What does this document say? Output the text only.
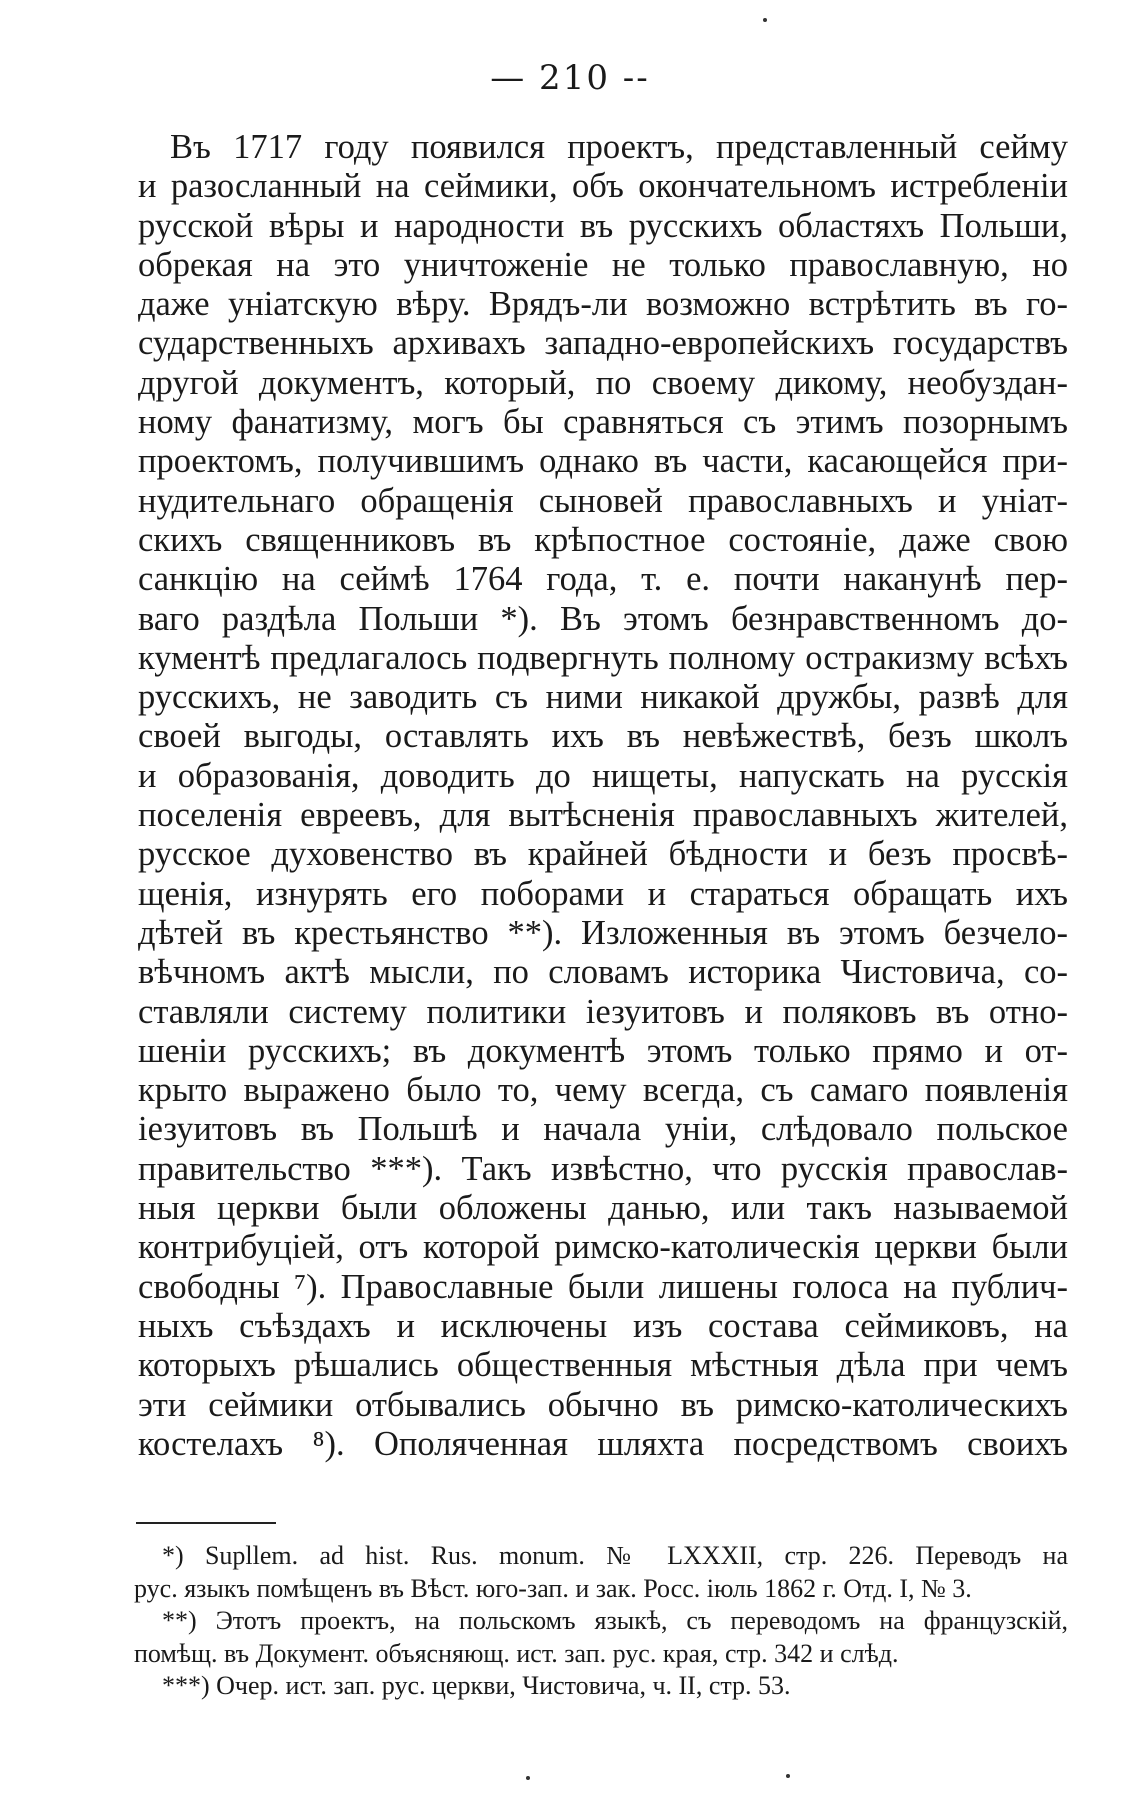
— 210 --

Въ 1717 году появился проектъ, представленный сейму
и разосланный на сеймики, объ окончательномъ истребленіи
русской вѣры и народности въ русскихъ областяхъ Польши,
обрекая на это уничтоженіе не только православную, но
даже уніатскую вѣру. Врядъ-ли возможно встрѣтить въ го-
сударственныхъ архивахъ западно-европейскихъ государствъ
другой документъ, который, по своему дикому, необуздан-
ному фанатизму, могъ бы сравняться съ этимъ позорнымъ
проектомъ, получившимъ однако въ части, касающейся при-
нудительнаго обращенія сыновей православныхъ и уніат-
скихъ священниковъ въ крѣпостное состояніе, даже свою
санкцію на сеймѣ 1764 года, т. е. почти наканунѣ пер-
ваго раздѣла Польши *). Въ этомъ безнравственномъ до-
кументѣ предлагалось подвергнуть полному остракизму всѣхъ
русскихъ, не заводить съ ними никакой дружбы, развѣ для
своей выгоды, оставлять ихъ въ невѣжествѣ, безъ школъ
и образованія, доводить до нищеты, напускать на русскія
поселенія евреевъ, для вытѣсненія православныхъ жителей,
русское духовенство въ крайней бѣдности и безъ просвѣ-
щенія, изнурять его поборами и стараться обращать ихъ
дѣтей въ крестьянство **). Изложенныя въ этомъ безчело-
вѣчномъ актѣ мысли, по словамъ историка Чистовича, со-
ставляли систему политики іезуитовъ и поляковъ въ отно-
шеніи русскихъ; въ документѣ этомъ только прямо и от-
крыто выражено было то, чему всегда, съ самаго появленія
іезуитовъ въ Польшѣ и начала уніи, слѣдовало польское
правительство ***). Такъ извѣстно, что русскія православ-
ныя церкви были обложены данью, или такъ называемой
контрибуціей, отъ которой римско-католическія церкви были
свободны ⁷). Православные были лишены голоса на публич-
ныхъ съѣздахъ и исключены изъ состава сеймиковъ, на
которыхъ рѣшались общественныя мѣстныя дѣла при чемъ
эти сеймики отбывались обычно въ римско-католическихъ
костелахъ ⁸). Ополяченная шляхта посредствомъ своихъ
*) Supllem. ad hist. Rus. monum. № LXXXII, стр. 226. Переводъ на
рус. языкъ помѣщенъ въ Вѣст. юго-зап. и зак. Росс. іюль 1862 г. Отд. I, № 3.
**) Этотъ проектъ, на польскомъ языкѣ, съ переводомъ на французскій,
помѣщ. въ Документ. объясняющ. ист. зап. рус. края, стр. 342 и слѣд.
***) Очер. ист. зап. рус. церкви, Чистовича, ч. II, стр. 53.
